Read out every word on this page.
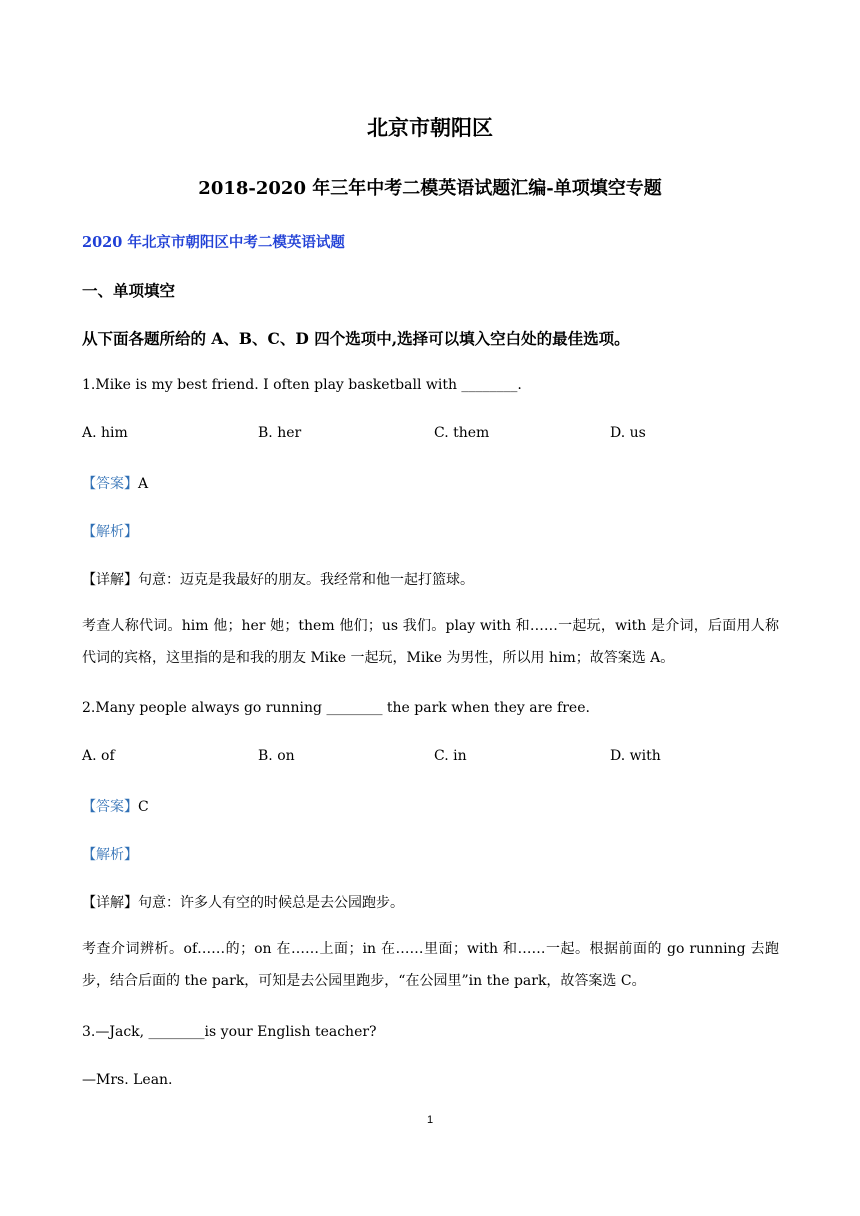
北京市朝阳区
2018-2020 年三年中考二模英语试题汇编-单项填空专题
2020 年北京市朝阳区中考二模英语试题
一、单项填空
从下面各题所给的 A、B、C、D 四个选项中,选择可以填入空白处的最佳选项。
1.Mike is my best friend. I often play basketball with ________.
A. him	B. her	C. them	D. us
【答案】A
【解析】
【详解】句意：迈克是我最好的朋友。我经常和他一起打篮球。
考查人称代词。him 他；her 她；them 他们；us 我们。play with 和……一起玩，with 是介词，后面用人称代词的宾格，这里指的是和我的朋友 Mike 一起玩，Mike 为男性，所以用 him；故答案选 A。
2.Many people always go running ________ the park when they are free.
A. of	B. on	C. in	D. with
【答案】C
【解析】
【详解】句意：许多人有空的时候总是去公园跑步。
考查介词辨析。of……的；on 在……上面；in 在……里面；with 和……一起。根据前面的 go running 去跑步，结合后面的 the park，可知是去公园里跑步，“在公园里”in the park，故答案选 C。
3.—Jack, ________is your English teacher?
—Mrs. Lean.
1
